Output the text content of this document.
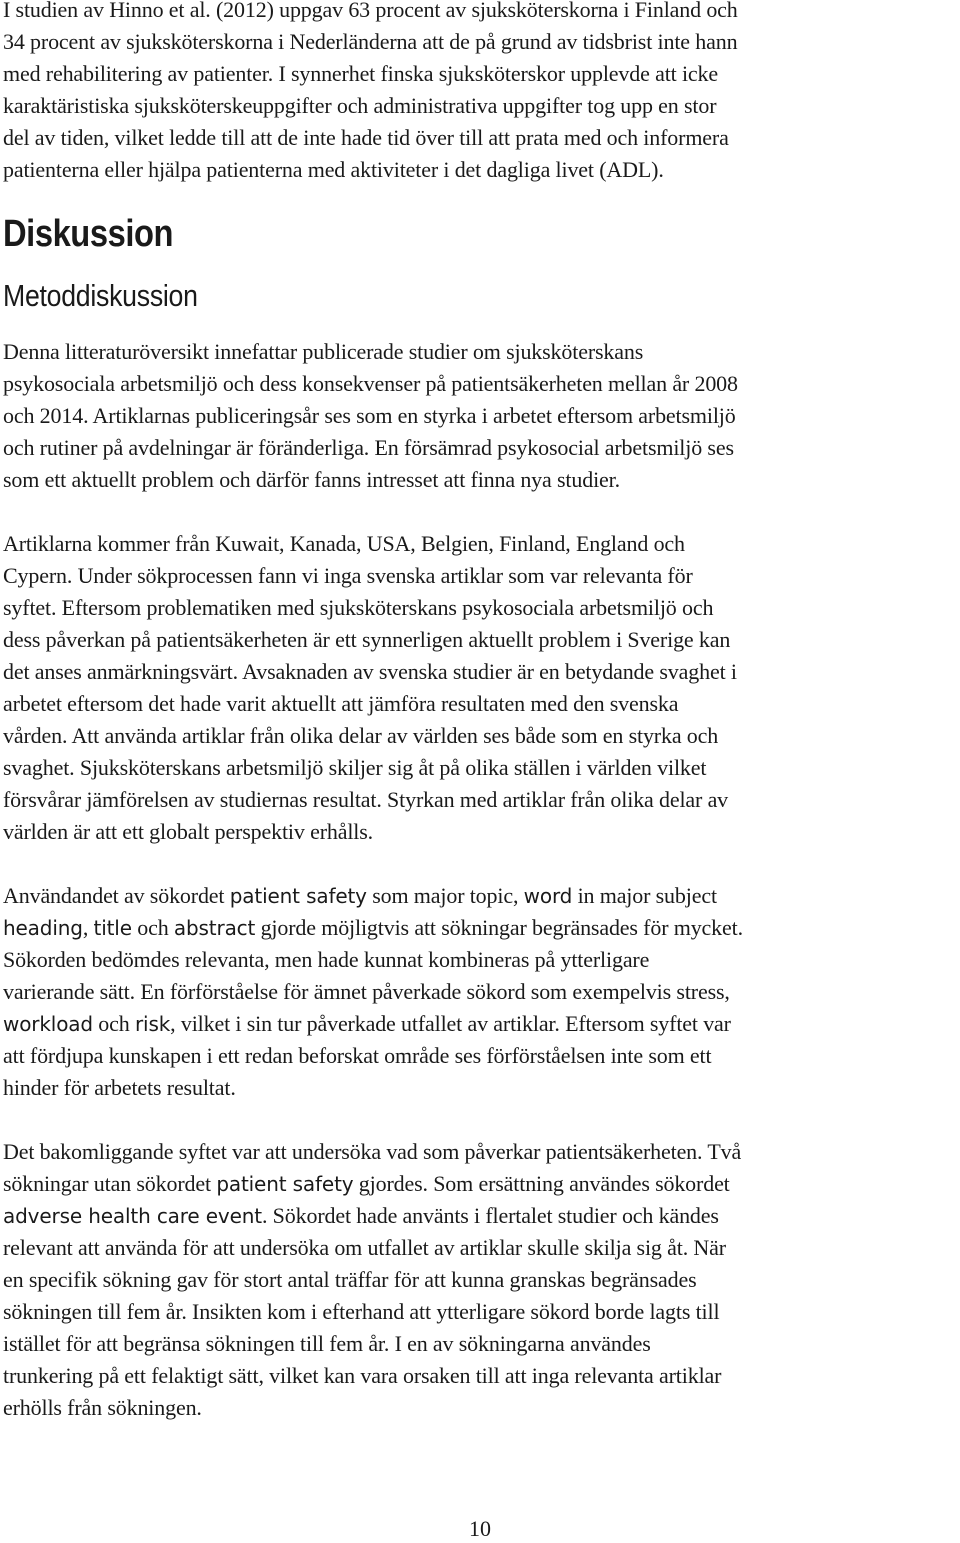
I studien av Hinno et al. (2012) uppgav 63 procent av sjuksköterskorna i Finland och
34 procent av sjuksköterskorna i Nederländerna att de på grund av tidsbrist inte hann
med rehabilitering av patienter. I synnerhet finska sjuksköterskor upplevde att icke
karaktäristiska sjuksköterskeuppgifter och administrativa uppgifter tog upp en stor
del av tiden, vilket ledde till att de inte hade tid över till att prata med och informera
patienterna eller hjälpa patienterna med aktiviteter i det dagliga livet (ADL).

Diskussion
Metoddiskussion

Denna litteraturöversikt innefattar publicerade studier om sjuksköterskans
psykosociala arbetsmiljö och dess konsekvenser på patientsäkerheten mellan år 2008
och 2014. Artiklarnas publiceringsår ses som en styrka i arbetet eftersom arbetsmiljö
och rutiner på avdelningar är föränderliga. En försämrad psykosocial arbetsmiljö ses
som ett aktuellt problem och därför fanns intresset att finna nya studier.

Artiklarna kommer från Kuwait, Kanada, USA, Belgien, Finland, England och
Cypern. Under sökprocessen fann vi inga svenska artiklar som var relevanta för
syftet. Eftersom problematiken med sjuksköterskans psykosociala arbetsmiljö och
dess påverkan på patientsäkerheten är ett synnerligen aktuellt problem i Sverige kan
det anses anmärkningsvärt. Avsaknaden av svenska studier är en betydande svaghet i
arbetet eftersom det hade varit aktuellt att jämföra resultaten med den svenska
vården. Att använda artiklar från olika delar av världen ses både som en styrka och
svaghet. Sjuksköterskans arbetsmiljö skiljer sig åt på olika ställen i världen vilket
försvårar jämförelsen av studiernas resultat. Styrkan med artiklar från olika delar av
världen är att ett globalt perspektiv erhålls.

Användandet av sökordet patient safety som major topic, word in major subject
heading, title och abstract gjorde möjligtvis att sökningar begränsades för mycket.
Sökorden bedömdes relevanta, men hade kunnat kombineras på ytterligare
varierande sätt. En förförståelse för ämnet påverkade sökord som exempelvis stress,
workload och risk, vilket i sin tur påverkade utfallet av artiklar. Eftersom syftet var
att fördjupa kunskapen i ett redan beforskat område ses förförståelsen inte som ett
hinder för arbetets resultat.

Det bakomliggande syftet var att undersöka vad som påverkar patientsäkerheten. Två
sökningar utan sökordet patient safety gjordes. Som ersättning användes sökordet
adverse health care event. Sökordet hade använts i flertalet studier och kändes
relevant att använda för att undersöka om utfallet av artiklar skulle skilja sig åt. När
en specifik sökning gav för stort antal träffar för att kunna granskas begränsades
sökningen till fem år. Insikten kom i efterhand att ytterligare sökord borde lagts till
istället för att begränsa sökningen till fem år. I en av sökningarna användes
trunkering på ett felaktigt sätt, vilket kan vara orsaken till att inga relevanta artiklar
erhölls från sökningen.

10
